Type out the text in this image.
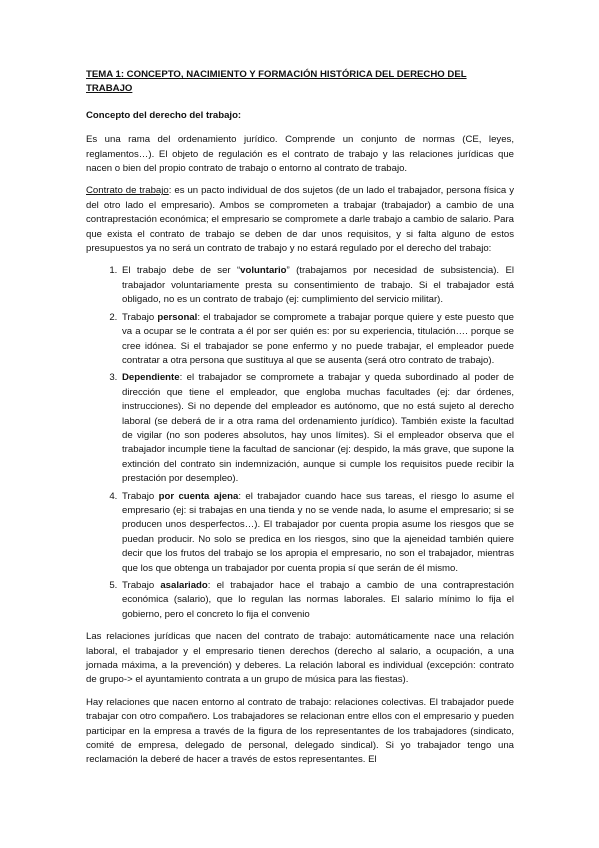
TEMA 1: CONCEPTO, NACIMIENTO Y FORMACIÓN HISTÓRICA DEL DERECHO DEL TRABAJO
Concepto del derecho del trabajo:

Es una rama del ordenamiento jurídico. Comprende un conjunto de normas (CE, leyes, reglamentos…). El objeto de regulación es el contrato de trabajo y las relaciones jurídicas que nacen o bien del propio contrato de trabajo o entorno al contrato de trabajo.

Contrato de trabajo: es un pacto individual de dos sujetos (de un lado el trabajador, persona física y del otro lado el empresario). Ambos se comprometen a trabajar (trabajador) a cambio de una contraprestación económica; el empresario se compromete a darle trabajo a cambio de salario. Para que exista el contrato de trabajo se deben de dar unos requisitos, y si falta alguno de estos presupuestos ya no será un contrato de trabajo y no estará regulado por el derecho del trabajo:

1. El trabajo debe de ser “voluntario” (trabajamos por necesidad de subsistencia). El trabajador voluntariamente presta su consentimiento de trabajo. Si el trabajador está obligado, no es un contrato de trabajo (ej: cumplimiento del servicio militar).
2. Trabajo personal: el trabajador se compromete a trabajar porque quiere y este puesto que va a ocupar se le contrata a él por ser quién es: por su experiencia, titulación…. porque se cree idónea. Si el trabajador se pone enfermo y no puede trabajar, el empleador puede contratar a otra persona que sustituya al que se ausenta (será otro contrato de trabajo).
3. Dependiente: el trabajador se compromete a trabajar y queda subordinado al poder de dirección que tiene el empleador, que engloba muchas facultades (ej: dar órdenes, instrucciones). Si no depende del empleador es autónomo, que no está sujeto al derecho laboral (se deberá de ir a otra rama del ordenamiento jurídico). También existe la facultad de vigilar (no son poderes absolutos, hay unos límites). Si el empleador observa que el trabajador incumple tiene la facultad de sancionar (ej: despido, la más grave, que supone la extinción del contrato sin indemnización, aunque si cumple los requisitos puede recibir la prestación por desempleo).
4. Trabajo por cuenta ajena: el trabajador cuando hace sus tareas, el riesgo lo asume el empresario (ej: si trabajas en una tienda y no se vende nada, lo asume el empresario; si se producen unos desperfectos…). El trabajador por cuenta propia asume los riesgos que se puedan producir. No solo se predica en los riesgos, sino que la ajeneidad también quiere decir que los frutos del trabajo se los apropia el empresario, no son el trabajador, mientras que los que obtenga un trabajador por cuenta propia sí que serán de él mismo.
5. Trabajo asalariado: el trabajador hace el trabajo a cambio de una contraprestación económica (salario), que lo regulan las normas laborales. El salario mínimo lo fija el gobierno, pero el concreto lo fija el convenio

Las relaciones jurídicas que nacen del contrato de trabajo: automáticamente nace una relación laboral, el trabajador y el empresario tienen derechos (derecho al salario, a ocupación, a una jornada máxima, a la prevención) y deberes. La relación laboral es individual (excepción: contrato de grupo-> el ayuntamiento contrata a un grupo de música para las fiestas).

Hay relaciones que nacen entorno al contrato de trabajo: relaciones colectivas. El trabajador puede trabajar con otro compañero. Los trabajadores se relacionan entre ellos con el empresario y pueden participar en la empresa a través de la figura de los representantes de los trabajadores (sindicato, comité de empresa, delegado de personal, delegado sindical). Si yo trabajador tengo una reclamación la deberé de hacer a través de estos representantes. El
